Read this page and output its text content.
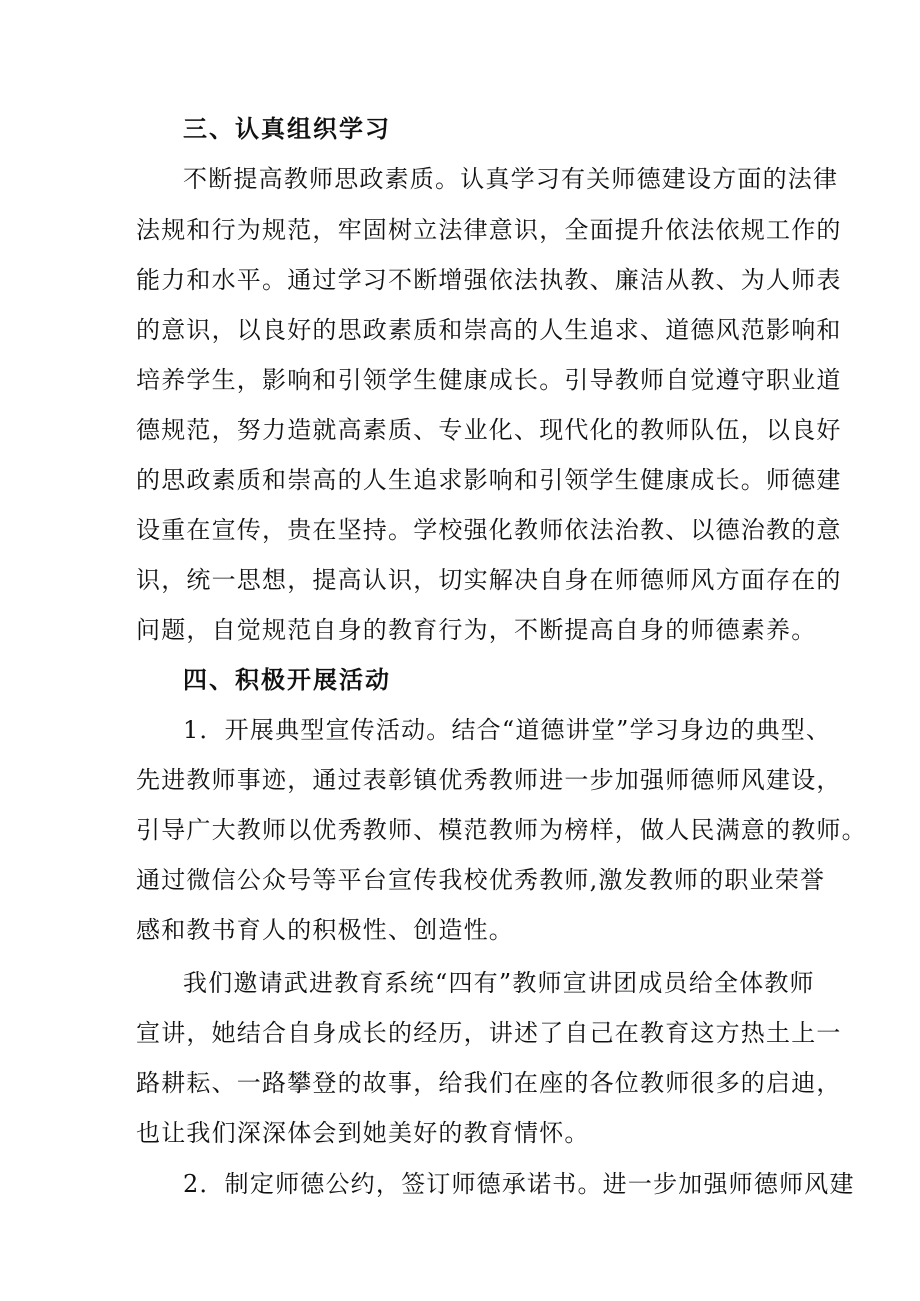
三、认真组织学习
不断提高教师思政素质。认真学习有关师德建设方面的法律
法规和行为规范，牢固树立法律意识，全面提升依法依规工作的
能力和水平。通过学习不断增强依法执教、廉洁从教、为人师表
的意识，以良好的思政素质和崇高的人生追求、道德风范影响和
培养学生，影响和引领学生健康成长。引导教师自觉遵守职业道
德规范，努力造就高素质、专业化、现代化的教师队伍，以良好
的思政素质和崇高的人生追求影响和引领学生健康成长。师德建
设重在宣传，贵在坚持。学校强化教师依法治教、以德治教的意
识，统一思想，提高认识，切实解决自身在师德师风方面存在的
问题，自觉规范自身的教育行为，不断提高自身的师德素养。
四、积极开展活动
1．开展典型宣传活动。结合“道德讲堂”学习身边的典型、
先进教师事迹，通过表彰镇优秀教师进一步加强师德师风建设，
引导广大教师以优秀教师、模范教师为榜样，做人民满意的教师。
通过微信公众号等平台宣传我校优秀教师,激发教师的职业荣誉
感和教书育人的积极性、创造性。
我们邀请武进教育系统“四有”教师宣讲团成员给全体教师
宣讲，她结合自身成长的经历，讲述了自己在教育这方热土上一
路耕耘、一路攀登的故事，给我们在座的各位教师很多的启迪，
也让我们深深体会到她美好的教育情怀。
2．制定师德公约，签订师德承诺书。进一步加强师德师风建
